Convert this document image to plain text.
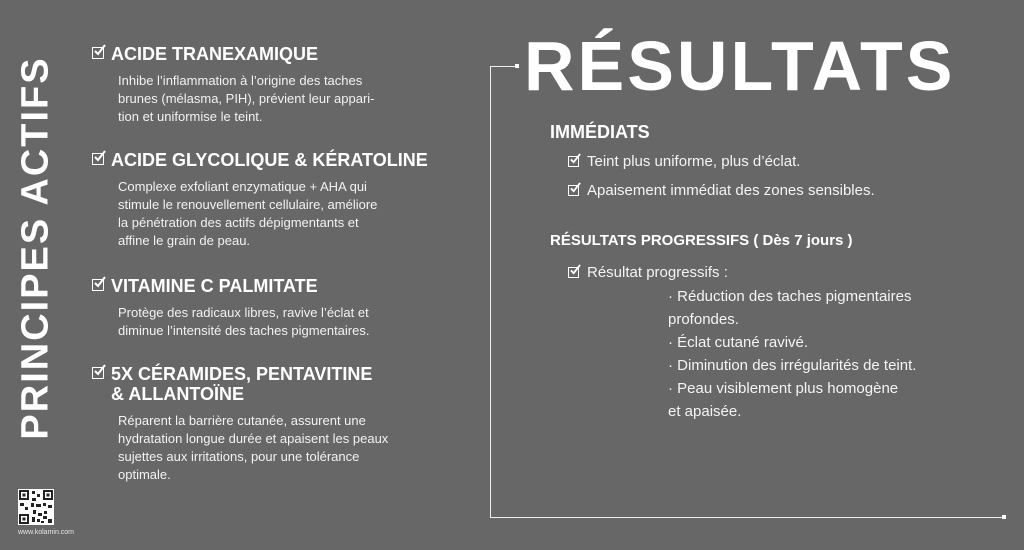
PRINCIPES ACTIFS
www.kolamin.com
ACIDE TRANEXAMIQUE
Inhibe l’inflammation à l’origine des taches
brunes (mélasma, PIH), prévient leur appari-
tion et uniformise le teint.
ACIDE GLYCOLIQUE & KÉRATOLINE
Complexe exfoliant enzymatique + AHA qui
stimule le renouvellement cellulaire, améliore
la pénétration des actifs dépigmentants et
affine le grain de peau.
VITAMINE C PALMITATE
Protège des radicaux libres, ravive l’éclat et
diminue l’intensité des taches pigmentaires.
5X CÉRAMIDES, PENTAVITINE
& ALLANTOÏNE
Réparent la barrière cutanée, assurent une
hydratation longue durée et apaisent les peaux
sujettes aux irritations, pour une tolérance
optimale.
RÉSULTATS
IMMÉDIATS
Teint plus uniforme, plus d’éclat.
Apaisement immédiat des zones sensibles.
RÉSULTATS PROGRESSIFS ( Dès 7 jours )
Résultat progressifs :
· Réduction des taches pigmentaires
profondes.
· Éclat cutané ravivé.
· Diminution des irrégularités de teint.
· Peau visiblement plus homogène
et apaisée.
